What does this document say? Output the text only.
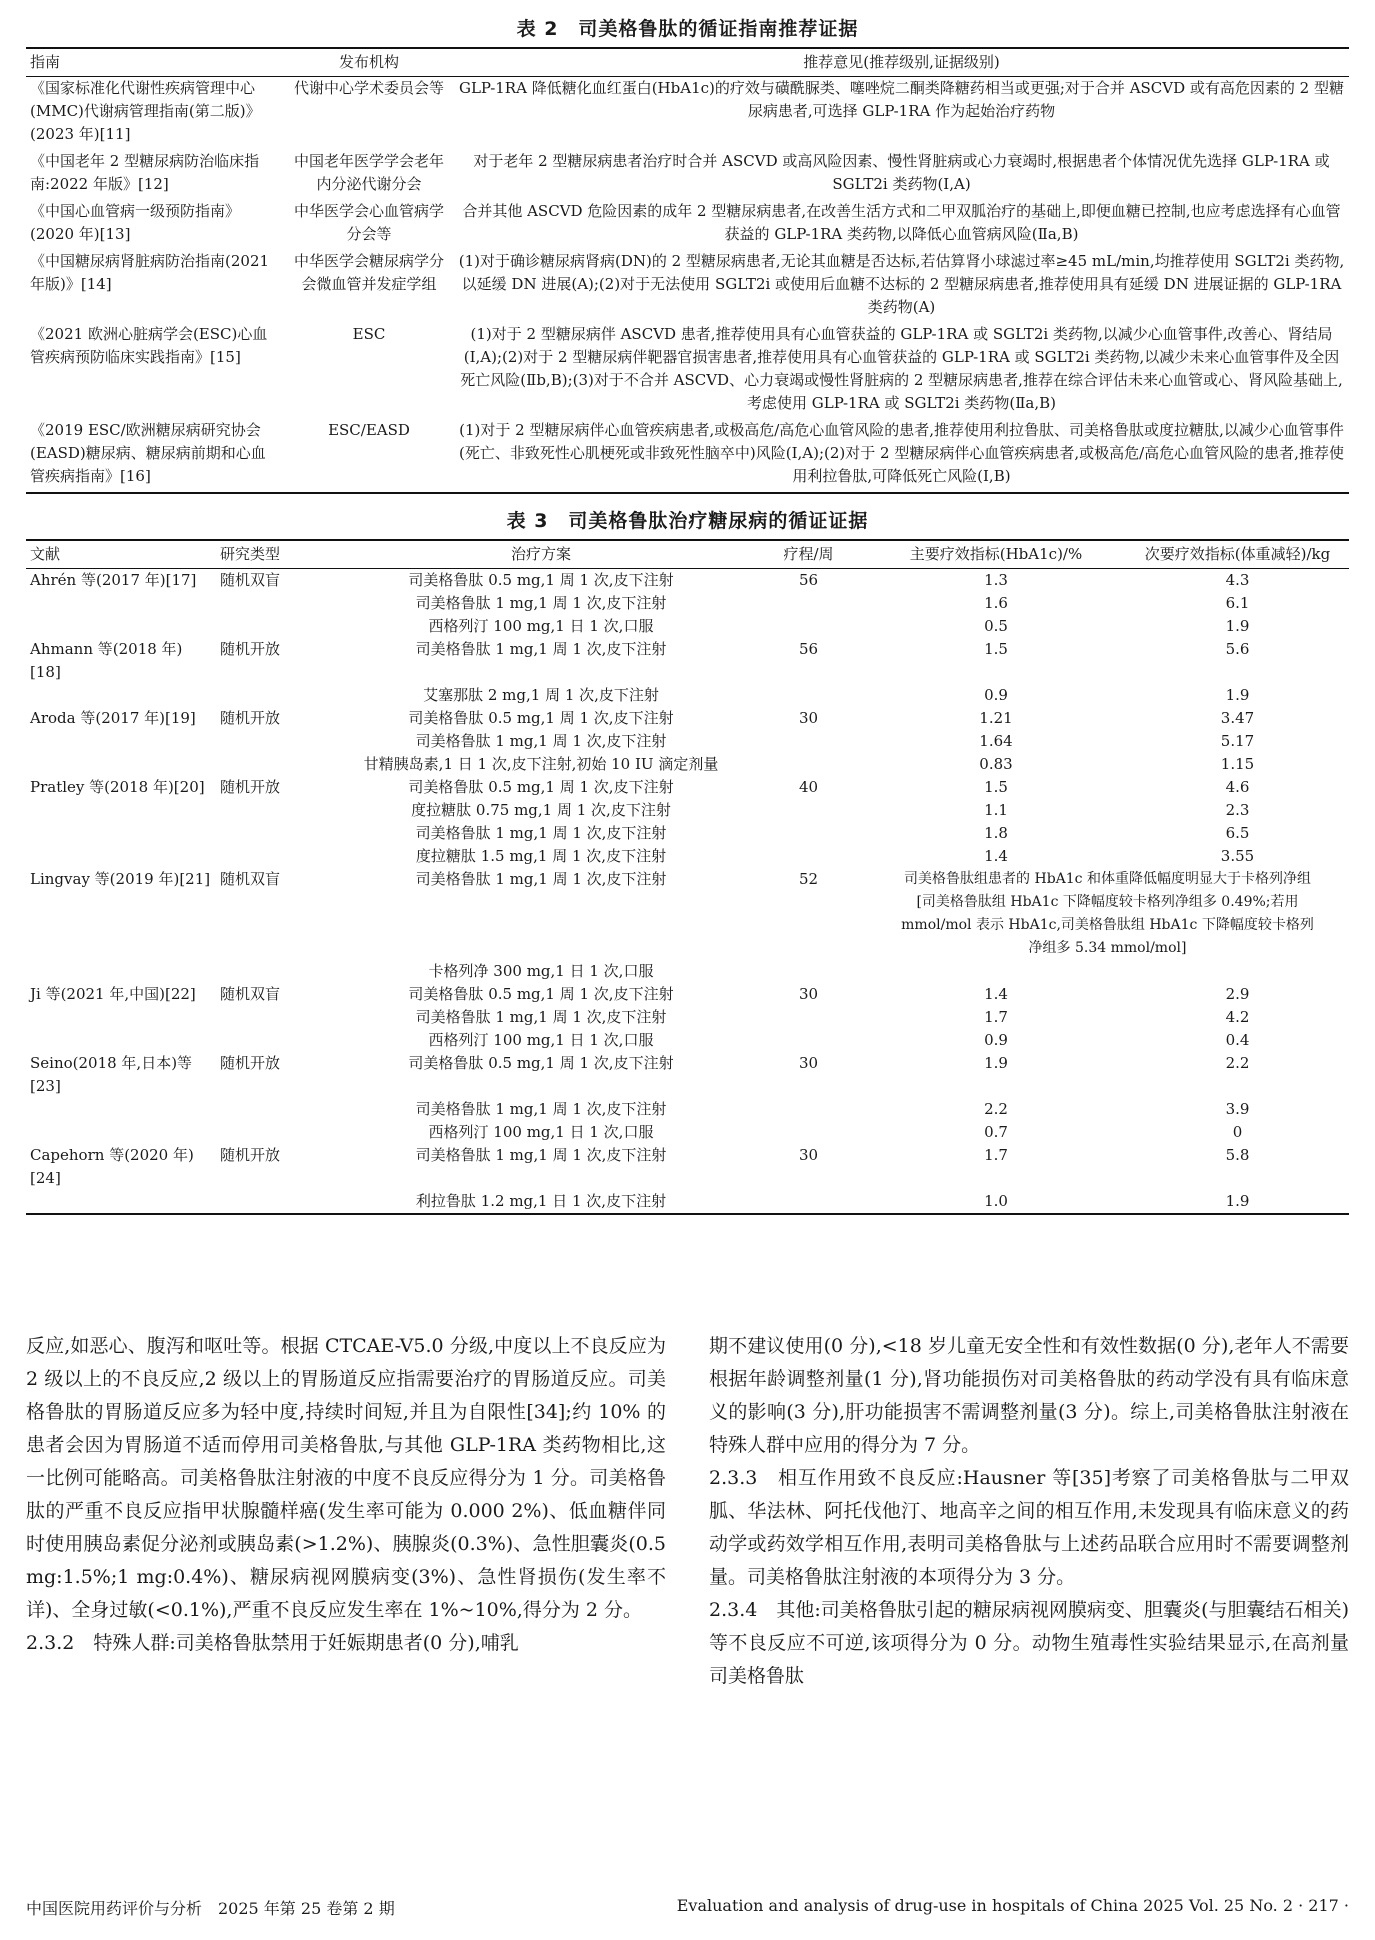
表 2　司美格鲁肽的循证指南推荐证据
指南	发布机构	推荐意见(推荐级别,证据级别)
《国家标准化代谢性疾病管理中心(MMC)代谢病管理指南(第二版)》(2023 年)[11]	代谢中心学术委员会等	GLP-1RA 降低糖化血红蛋白(HbA1c)的疗效与磺酰脲类、噻唑烷二酮类降糖药相当或更强;对于合并 ASCVD 或有高危因素的 2 型糖尿病患者,可选择 GLP-1RA 作为起始治疗药物
《中国老年 2 型糖尿病防治临床指南:2022 年版》[12]	中国老年医学学会老年内分泌代谢分会	对于老年 2 型糖尿病患者治疗时合并 ASCVD 或高风险因素、慢性肾脏病或心力衰竭时,根据患者个体情况优先选择 GLP-1RA 或 SGLT2i 类药物(Ⅰ,A)
《中国心血管病一级预防指南》(2020 年)[13]	中华医学会心血管病学分会等	合并其他 ASCVD 危险因素的成年 2 型糖尿病患者,在改善生活方式和二甲双胍治疗的基础上,即便血糖已控制,也应考虑选择有心血管获益的 GLP-1RA 类药物,以降低心血管病风险(Ⅱa,B)
《中国糖尿病肾脏病防治指南(2021 年版)》[14]	中华医学会糖尿病学分会微血管并发症学组	(1)对于确诊糖尿病肾病(DN)的 2 型糖尿病患者,无论其血糖是否达标,若估算肾小球滤过率≥45 mL/min,均推荐使用 SGLT2i 类药物,以延缓 DN 进展(A);(2)对于无法使用 SGLT2i 或使用后血糖不达标的 2 型糖尿病患者,推荐使用具有延缓 DN 进展证据的 GLP-1RA 类药物(A)
《2021 欧洲心脏病学会(ESC)心血管疾病预防临床实践指南》[15]	ESC	(1)对于 2 型糖尿病伴 ASCVD 患者,推荐使用具有心血管获益的 GLP-1RA 或 SGLT2i 类药物,以减少心血管事件,改善心、肾结局(Ⅰ,A);(2)对于 2 型糖尿病伴靶器官损害患者,推荐使用具有心血管获益的 GLP-1RA 或 SGLT2i 类药物,以减少未来心血管事件及全因死亡风险(Ⅱb,B);(3)对于不合并 ASCVD、心力衰竭或慢性肾脏病的 2 型糖尿病患者,推荐在综合评估未来心血管或心、肾风险基础上,考虑使用 GLP-1RA 或 SGLT2i 类药物(Ⅱa,B)
《2019 ESC/欧洲糖尿病研究协会(EASD)糖尿病、糖尿病前期和心血管疾病指南》[16]	ESC/EASD	(1)对于 2 型糖尿病伴心血管疾病患者,或极高危/高危心血管风险的患者,推荐使用利拉鲁肽、司美格鲁肽或度拉糖肽,以减少心血管事件(死亡、非致死性心肌梗死或非致死性脑卒中)风险(Ⅰ,A);(2)对于 2 型糖尿病伴心血管疾病患者,或极高危/高危心血管风险的患者,推荐使用利拉鲁肽,可降低死亡风险(Ⅰ,B)
表 3　司美格鲁肽治疗糖尿病的循证证据
文献	研究类型	治疗方案	疗程/周	主要疗效指标(HbA1c)/%	次要疗效指标(体重减轻)/kg
Ahrén 等(2017 年)[17]	随机双盲	司美格鲁肽 0.5 mg,1 周 1 次,皮下注射	56	1.3	4.3
		司美格鲁肽 1 mg,1 周 1 次,皮下注射		1.6	6.1
		西格列汀 100 mg,1 日 1 次,口服		0.5	1.9
Ahmann 等(2018 年)[18]	随机开放	司美格鲁肽 1 mg,1 周 1 次,皮下注射	56	1.5	5.6
		艾塞那肽 2 mg,1 周 1 次,皮下注射		0.9	1.9
Aroda 等(2017 年)[19]	随机开放	司美格鲁肽 0.5 mg,1 周 1 次,皮下注射	30	1.21	3.47
		司美格鲁肽 1 mg,1 周 1 次,皮下注射		1.64	5.17
		甘精胰岛素,1 日 1 次,皮下注射,初始 10 IU 滴定剂量		0.83	1.15
Pratley 等(2018 年)[20]	随机开放	司美格鲁肽 0.5 mg,1 周 1 次,皮下注射	40	1.5	4.6
		度拉糖肽 0.75 mg,1 周 1 次,皮下注射		1.1	2.3
		司美格鲁肽 1 mg,1 周 1 次,皮下注射		1.8	6.5
		度拉糖肽 1.5 mg,1 周 1 次,皮下注射		1.4	3.55
Lingvay 等(2019 年)[21]	随机双盲	司美格鲁肽 1 mg,1 周 1 次,皮下注射	52	司美格鲁肽组患者的 HbA1c 和体重降低幅度明显大于卡格列净组[司美格鲁肽组 HbA1c 下降幅度较卡格列净组多 0.49%;若用 mmol/mol 表示 HbA1c,司美格鲁肽组 HbA1c 下降幅度较卡格列净组多 5.34 mmol/mol]	
		卡格列净 300 mg,1 日 1 次,口服			
Ji 等(2021 年,中国)[22]	随机双盲	司美格鲁肽 0.5 mg,1 周 1 次,皮下注射	30	1.4	2.9
		司美格鲁肽 1 mg,1 周 1 次,皮下注射		1.7	4.2
		西格列汀 100 mg,1 日 1 次,口服		0.9	0.4
Seino(2018 年,日本)等[23]	随机开放	司美格鲁肽 0.5 mg,1 周 1 次,皮下注射	30	1.9	2.2
		司美格鲁肽 1 mg,1 周 1 次,皮下注射		2.2	3.9
		西格列汀 100 mg,1 日 1 次,口服		0.7	0
Capehorn 等(2020 年)[24]	随机开放	司美格鲁肽 1 mg,1 周 1 次,皮下注射	30	1.7	5.8
		利拉鲁肽 1.2 mg,1 日 1 次,皮下注射		1.0	1.9

反应,如恶心、腹泻和呕吐等。根据 CTCAE-V5.0 分级,中度以上不良反应为 2 级以上的不良反应,2 级以上的胃肠道反应指需要治疗的胃肠道反应。司美格鲁肽的胃肠道反应多为轻中度,持续时间短,并且为自限性[34];约 10% 的患者会因为胃肠道不适而停用司美格鲁肽,与其他 GLP-1RA 类药物相比,这一比例可能略高。司美格鲁肽注射液的中度不良反应得分为 1 分。司美格鲁肽的严重不良反应指甲状腺髓样癌(发生率可能为 0.000 2%)、低血糖伴同时使用胰岛素促分泌剂或胰岛素(>1.2%)、胰腺炎(0.3%)、急性胆囊炎(0.5 mg:1.5%;1 mg:0.4%)、糖尿病视网膜病变(3%)、急性肾损伤(发生率不详)、全身过敏(<0.1%),严重不良反应发生率在 1%~10%,得分为 2 分。

2.3.2　特殊人群:司美格鲁肽禁用于妊娠期患者(0 分),哺乳

期不建议使用(0 分),<18 岁儿童无安全性和有效性数据(0 分),老年人不需要根据年龄调整剂量(1 分),肾功能损伤对司美格鲁肽的药动学没有具有临床意义的影响(3 分),肝功能损害不需调整剂量(3 分)。综上,司美格鲁肽注射液在特殊人群中应用的得分为 7 分。

2.3.3　相互作用致不良反应:Hausner 等[35]考察了司美格鲁肽与二甲双胍、华法林、阿托伐他汀、地高辛之间的相互作用,未发现具有临床意义的药动学或药效学相互作用,表明司美格鲁肽与上述药品联合应用时不需要调整剂量。司美格鲁肽注射液的本项得分为 3 分。

2.3.4　其他:司美格鲁肽引起的糖尿病视网膜病变、胆囊炎(与胆囊结石相关)等不良反应不可逆,该项得分为 0 分。动物生殖毒性实验结果显示,在高剂量司美格鲁肽

中国医院用药评价与分析　2025 年第 25 卷第 2 期	Evaluation and analysis of drug-use in hospitals of China 2025 Vol. 25 No. 2 · 217 ·
